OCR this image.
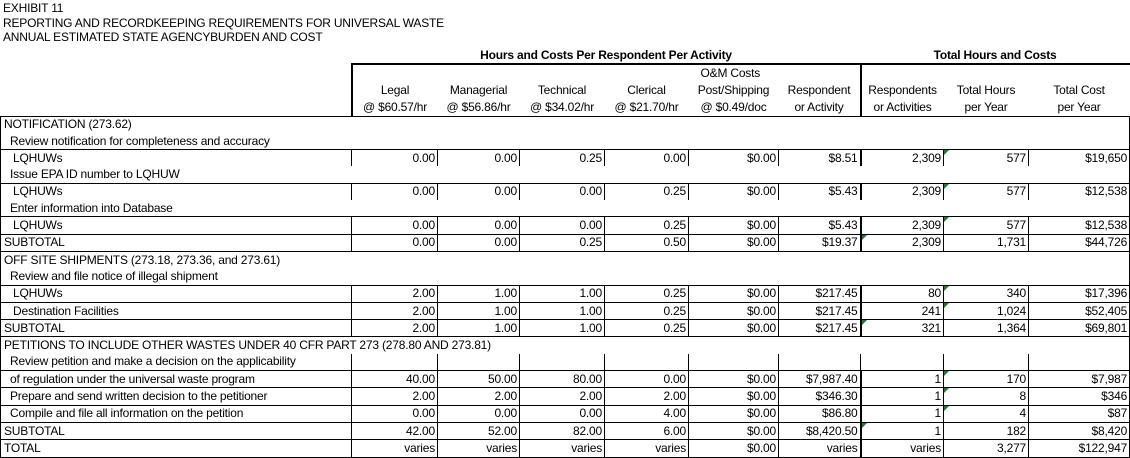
EXHIBIT 11
REPORTING AND RECORDKEEPING REQUIREMENTS FOR UNIVERSAL WASTE
ANNUAL ESTIMATED STATE AGENCYBURDEN AND COST
	Hours and Costs Per Respondent Per Activity						Total Hours and Costs		
					O&M Costs				
	Legal	Managerial	Technical	Clerical	Post/Shipping	Respondent	Respondents	Total Hours	Total Cost
	@ $60.57/hr	@ $56.86/hr	@ $34.02/hr	@ $21.70/hr	@ $0.49/doc	or Activity	or Activities	per Year	per Year
NOTIFICATION (273.62)									
Review notification for completeness and accuracy									
LQHUWs	0.00	0.00	0.25	0.00	$0.00	$8.51	2,309	577	$19,650
Issue EPA ID number to LQHUW									
LQHUWs	0.00	0.00	0.00	0.25	$0.00	$5.43	2,309	577	$12,538
Enter information into Database									
LQHUWs	0.00	0.00	0.00	0.25	$0.00	$5.43	2,309	577	$12,538
SUBTOTAL	0.00	0.00	0.25	0.50	$0.00	$19.37	2,309	1,731	$44,726
OFF SITE SHIPMENTS (273.18, 273.36, and 273.61)									
Review and file notice of illegal shipment									
LQHUWs	2.00	1.00	1.00	0.25	$0.00	$217.45	80	340	$17,396
Destination Facilities	2.00	1.00	1.00	0.25	$0.00	$217.45	241	1,024	$52,405
SUBTOTAL	2.00	1.00	1.00	0.25	$0.00	$217.45	321	1,364	$69,801
PETITIONS TO INCLUDE OTHER WASTES UNDER 40 CFR PART 273 (278.80 AND 273.81)									
Review petition and make a decision on the applicability									
of regulation under the universal waste program	40.00	50.00	80.00	0.00	$0.00	$7,987.40	1	170	$7,987
Prepare and send written decision to the petitioner	2.00	2.00	2.00	2.00	$0.00	$346.30	1	8	$346
Compile and file all information on the petition	0.00	0.00	0.00	4.00	$0.00	$86.80	1	4	$87
SUBTOTAL	42.00	52.00	82.00	6.00	$0.00	$8,420.50	1	182	$8,420
TOTAL	varies	varies	varies	varies	$0.00	varies	varies	3,277	$122,947
